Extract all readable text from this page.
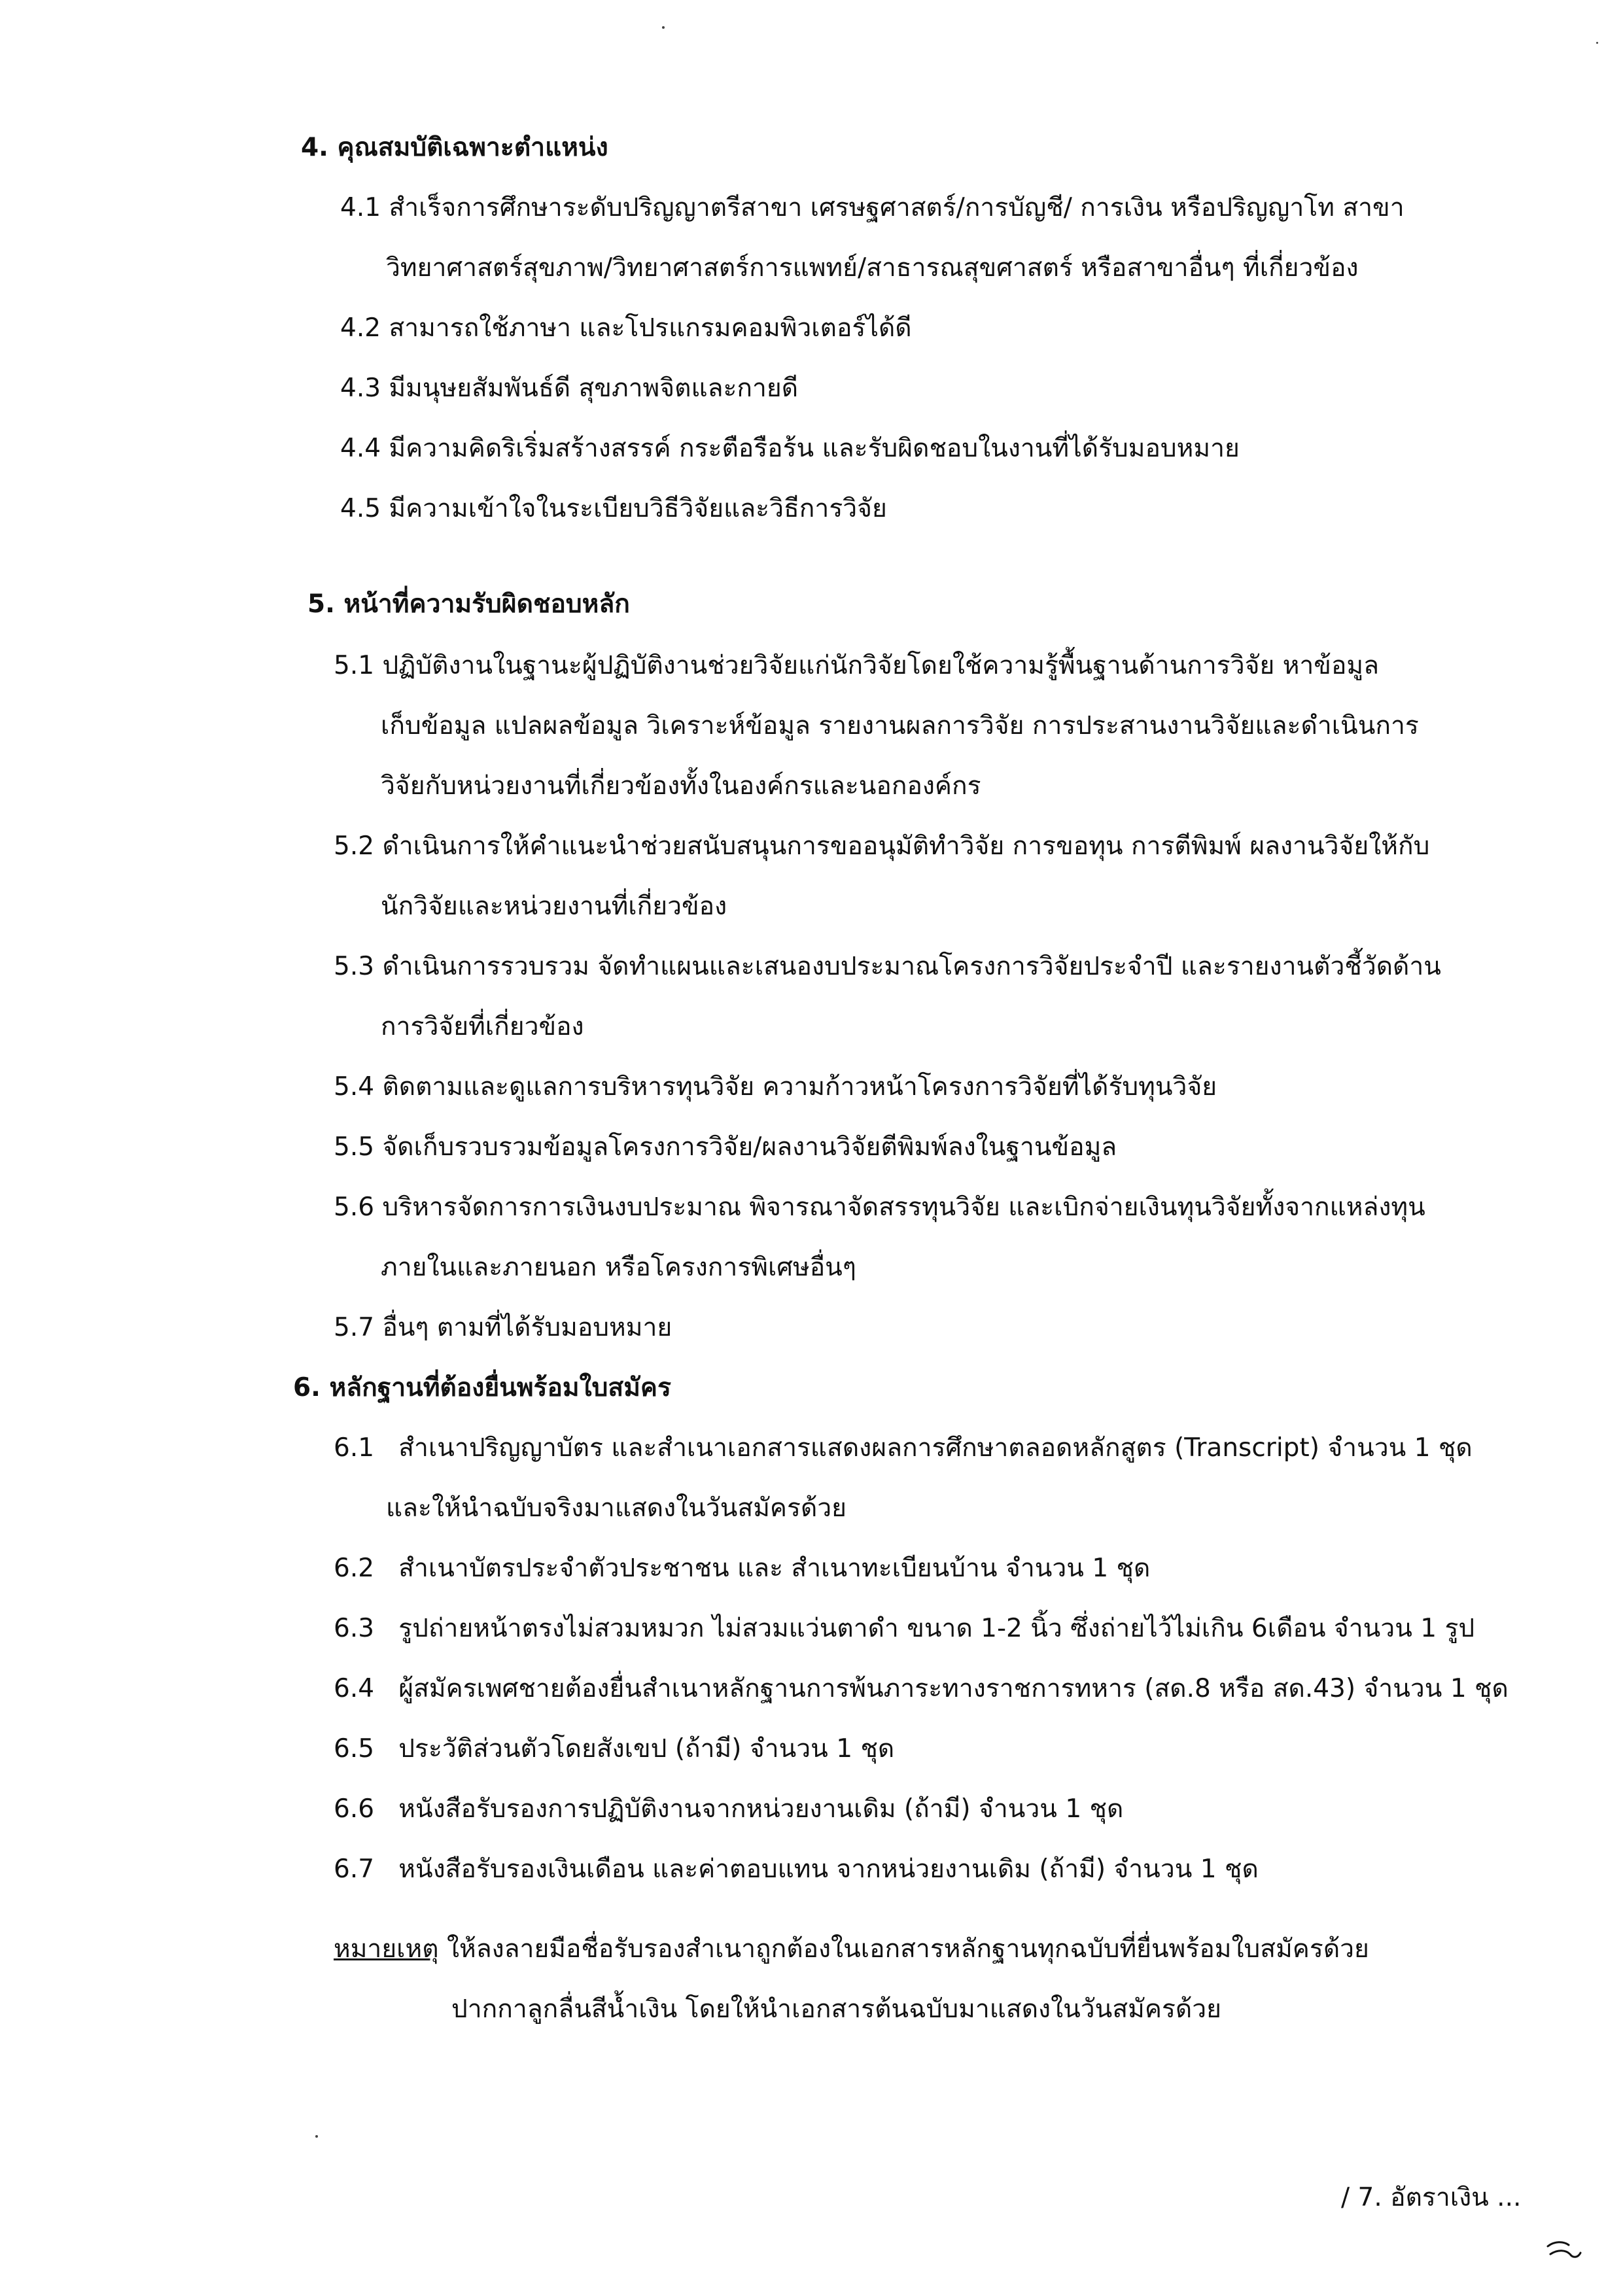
4. คุณสมบัติเฉพาะตำแหน่ง
4.1 สำเร็จการศึกษาระดับปริญญาตรีสาขา เศรษฐศาสตร์/การบัญชี/ การเงิน หรือปริญญาโท สาขา
วิทยาศาสตร์สุขภาพ/วิทยาศาสตร์การแพทย์/สาธารณสุขศาสตร์ หรือสาขาอื่นๆ ที่เกี่ยวข้อง
4.2 สามารถใช้ภาษา และโปรแกรมคอมพิวเตอร์ได้ดี
4.3 มีมนุษยสัมพันธ์ดี สุขภาพจิตและกายดี
4.4 มีความคิดริเริ่มสร้างสรรค์ กระตือรือร้น และรับผิดชอบในงานที่ได้รับมอบหมาย
4.5 มีความเข้าใจในระเบียบวิธีวิจัยและวิธีการวิจัย
5. หน้าที่ความรับผิดชอบหลัก
5.1 ปฏิบัติงานในฐานะผู้ปฏิบัติงานช่วยวิจัยแก่นักวิจัยโดยใช้ความรู้พื้นฐานด้านการวิจัย หาข้อมูล
เก็บข้อมูล แปลผลข้อมูล วิเคราะห์ข้อมูล รายงานผลการวิจัย การประสานงานวิจัยและดำเนินการ
วิจัยกับหน่วยงานที่เกี่ยวข้องทั้งในองค์กรและนอกองค์กร
5.2 ดำเนินการให้คำแนะนำช่วยสนับสนุนการขออนุมัติทำวิจัย การขอทุน การตีพิมพ์ ผลงานวิจัยให้กับ
นักวิจัยและหน่วยงานที่เกี่ยวข้อง
5.3 ดำเนินการรวบรวม จัดทำแผนและเสนองบประมาณโครงการวิจัยประจำปี และรายงานตัวชี้วัดด้าน
การวิจัยที่เกี่ยวข้อง
5.4 ติดตามและดูแลการบริหารทุนวิจัย ความก้าวหน้าโครงการวิจัยที่ได้รับทุนวิจัย
5.5 จัดเก็บรวบรวมข้อมูลโครงการวิจัย/ผลงานวิจัยตีพิมพ์ลงในฐานข้อมูล
5.6 บริหารจัดการการเงินงบประมาณ พิจารณาจัดสรรทุนวิจัย และเบิกจ่ายเงินทุนวิจัยทั้งจากแหล่งทุน
ภายในและภายนอก หรือโครงการพิเศษอื่นๆ
5.7 อื่นๆ ตามที่ได้รับมอบหมาย
6. หลักฐานที่ต้องยื่นพร้อมใบสมัคร
6.1 สำเนาปริญญาบัตร และสำเนาเอกสารแสดงผลการศึกษาตลอดหลักสูตร (Transcript) จำนวน 1 ชุด
และให้นำฉบับจริงมาแสดงในวันสมัครด้วย
6.2 สำเนาบัตรประจำตัวประชาชน และ สำเนาทะเบียนบ้าน จำนวน 1 ชุด
6.3 รูปถ่ายหน้าตรงไม่สวมหมวก ไม่สวมแว่นตาดำ ขนาด 1-2 นิ้ว ซึ่งถ่ายไว้ไม่เกิน 6เดือน จำนวน 1 รูป
6.4 ผู้สมัครเพศชายต้องยื่นสำเนาหลักฐานการพ้นภาระทางราชการทหาร (สด.8 หรือ สด.43) จำนวน 1 ชุด
6.5 ประวัติส่วนตัวโดยสังเขป (ถ้ามี) จำนวน 1 ชุด
6.6 หนังสือรับรองการปฏิบัติงานจากหน่วยงานเดิม (ถ้ามี) จำนวน 1 ชุด
6.7 หนังสือรับรองเงินเดือน และค่าตอบแทน จากหน่วยงานเดิม (ถ้ามี) จำนวน 1 ชุด
หมายเหตุ ให้ลงลายมือชื่อรับรองสำเนาถูกต้องในเอกสารหลักฐานทุกฉบับที่ยื่นพร้อมใบสมัครด้วย
ปากกาลูกลื่นสีน้ำเงิน โดยให้นำเอกสารต้นฉบับมาแสดงในวันสมัครด้วย
/ 7. อัตราเงิน ...
